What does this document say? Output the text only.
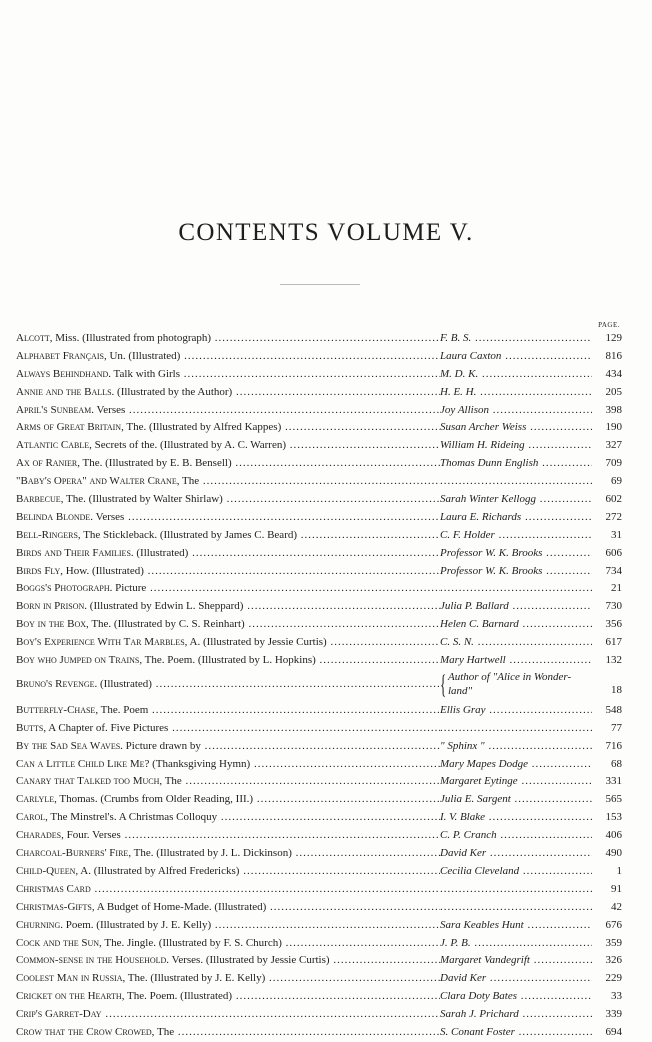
CONTENTS VOLUME V.
PAGE.
Alcott, Miss. (Illustrated from photograph) .....	F. B. S. .....	129
Alphabet Français, Un. (Illustrated) .....	Laura Caxton .....	816
Always Behindhand. Talk with Girls .....	M. D. K. .....	434
Annie and the Balls. (Illustrated by the Author) .....	H. E. H. .....	205
April's Sunbeam. Verses .....	Joy Allison .....	398
Arms of Great Britain, The. (Illustrated by Alfred Kappes) .....	Susan Archer Weiss .....	190
Atlantic Cable, Secrets of the. (Illustrated by A. C. Warren) .....	William H. Rideing .....	327
Ax of Ranier, The. (Illustrated by E. B. Bensell) .....	Thomas Dunn English .....	709
"Baby's Opera" and Walter Crane, The ..... .....	69
Barbecue, The. (Illustrated by Walter Shirlaw) .....	Sarah Winter Kellogg .....	602
Belinda Blonde. Verses .....	Laura E. Richards .....	272
Bell-Ringers, The Stickleback. (Illustrated by James C. Beard) .....	C. F. Holder .....	31
Birds and Their Families. (Illustrated) .....	Professor W. K. Brooks .....	606
Birds Fly, How. (Illustrated) .....	Professor W. K. Brooks .....	734
Boggs's Photograph. Picture ..... .....	21
Born in Prison. (Illustrated by Edwin L. Sheppard) .....	Julia P. Ballard .....	730
Boy in the Box, The. (Illustrated by C. S. Reinhart) .....	Helen C. Barnard .....	356
Boy's Experience With Tar Marbles, A. (Illustrated by Jessie Curtis) .....	C. S. N. .....	617
Boy who Jumped on Trains, The. Poem. (Illustrated by L. Hopkins) .....	Mary Hartwell .....	132
Bruno's Revenge. (Illustrated) .....	{ Author of "Alice in Wonder-land"	18
Butterfly-Chase, The. Poem .....	Ellis Gray .....	548
Butts, A Chapter of. Five Pictures ..... .....	77
By the Sad Sea Waves. Picture drawn by .....	" Sphinx " .....	716
Can a Little Child Like Me? (Thanksgiving Hymn) .....	Mary Mapes Dodge .....	68
Canary that Talked too Much, The .....	Margaret Eytinge .....	331
Carlyle, Thomas. (Crumbs from Older Reading, III.) .....	Julia E. Sargent .....	565
Carol, The Minstrel's. A Christmas Colloquy .....	I. V. Blake .....	153
Charades, Four. Verses .....	C. P. Cranch .....	406
Charcoal-Burners' Fire, The. (Illustrated by J. L. Dickinson) .....	David Ker .....	490
Child-Queen, A. (Illustrated by Alfred Fredericks) .....	Cecilia Cleveland .....	1
Christmas Card ..... .....	91
Christmas-Gifts, A Budget of Home-Made. (Illustrated) ..... .....	42
Churning. Poem. (Illustrated by J. E. Kelly) .....	Sara Keables Hunt .....	676
Cock and the Sun, The. Jingle. (Illustrated by F. S. Church) .....	J. P. B. .....	359
Common-sense in the Household. Verses. (Illustrated by Jessie Curtis) .....	Margaret Vandegrift .....	326
Coolest Man in Russia, The. (Illustrated by J. E. Kelly) .....	David Ker .....	229
Cricket on the Hearth, The. Poem. (Illustrated) .....	Clara Doty Bates .....	33
Crip's Garret-Day .....	Sarah J. Prichard .....	339
Crow that the Crow Crowed, The .....	S. Conant Foster .....	694
